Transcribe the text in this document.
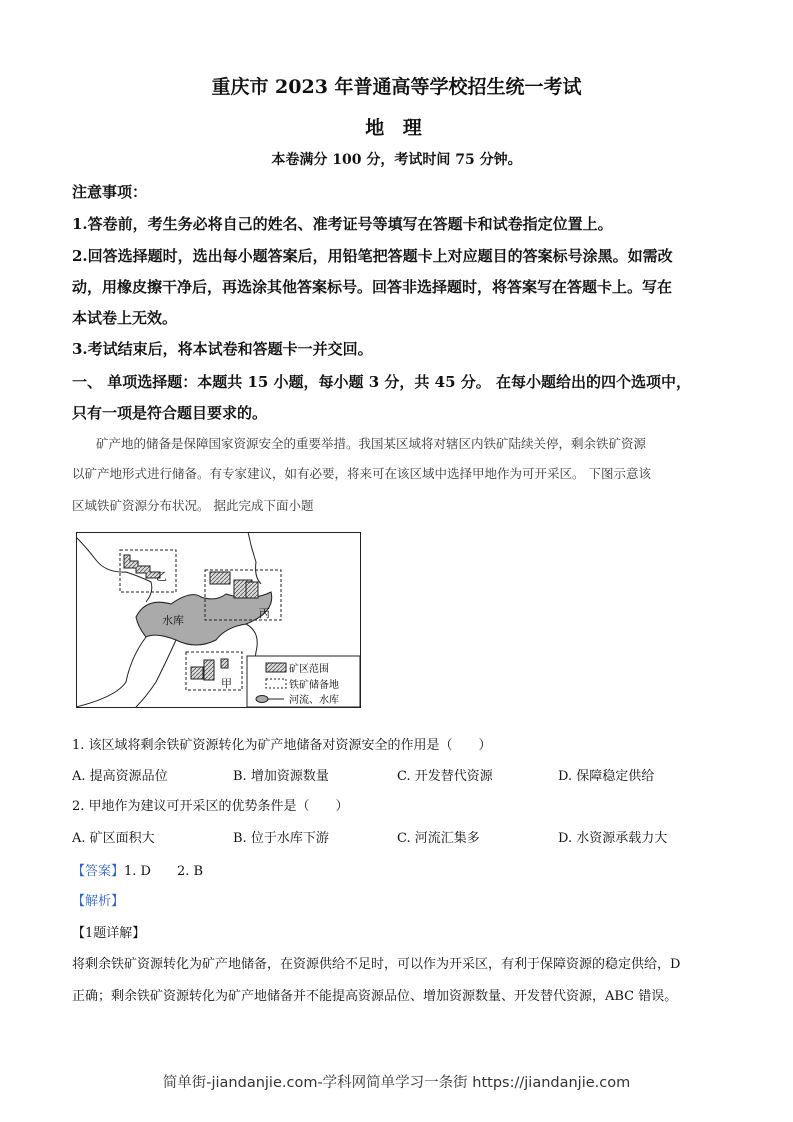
重庆市 2023 年普通高等学校招生统一考试
地 理
本卷满分 100 分，考试时间 75 分钟。
注意事项：
1.答卷前，考生务必将自己的姓名、准考证号等填写在答题卡和试卷指定位置上。
2.回答选择题时，选出每小题答案后，用铅笔把答题卡上对应题目的答案标号涂黑。如需改
动，用橡皮擦干净后，再选涂其他答案标号。回答非选择题时，将答案写在答题卡上。写在
本试卷上无效。
3.考试结束后，将本试卷和答题卡一并交回。
一、 单项选择题：本题共 15 小题，每小题 3 分，共 45 分。 在每小题给出的四个选项中，
只有一项是符合题目要求的。
矿产地的储备是保障国家资源安全的重要举措。我国某区域将对辖区内铁矿陆续关停，剩余铁矿资源
以矿产地形式进行储备。有专家建议，如有必要，将来可在该区域中选择甲地作为可开采区。 下图示意该
区域铁矿资源分布状况。 据此完成下面小题
水库
乙
丙
甲
矿区范围
铁矿储备地
河流、水库
1. 该区域将剩余铁矿资源转化为矿产地储备对资源安全的作用是（　　）
A. 提高资源品位	B. 增加资源数量	C. 开发替代资源	D. 保障稳定供给
2. 甲地作为建议可开采区的优势条件是（　　）
A. 矿区面积大	B. 位于水库下游	C. 河流汇集多	D. 水资源承载力大
【答案】1. D　　2. B
【解析】
【1题详解】
将剩余铁矿资源转化为矿产地储备，在资源供给不足时，可以作为开采区，有利于保障资源的稳定供给，D
正确；剩余铁矿资源转化为矿产地储备并不能提高资源品位、增加资源数量、开发替代资源，ABC 错误。
简单街-jiandanjie.com-学科网简单学习一条街 https://jiandanjie.com
